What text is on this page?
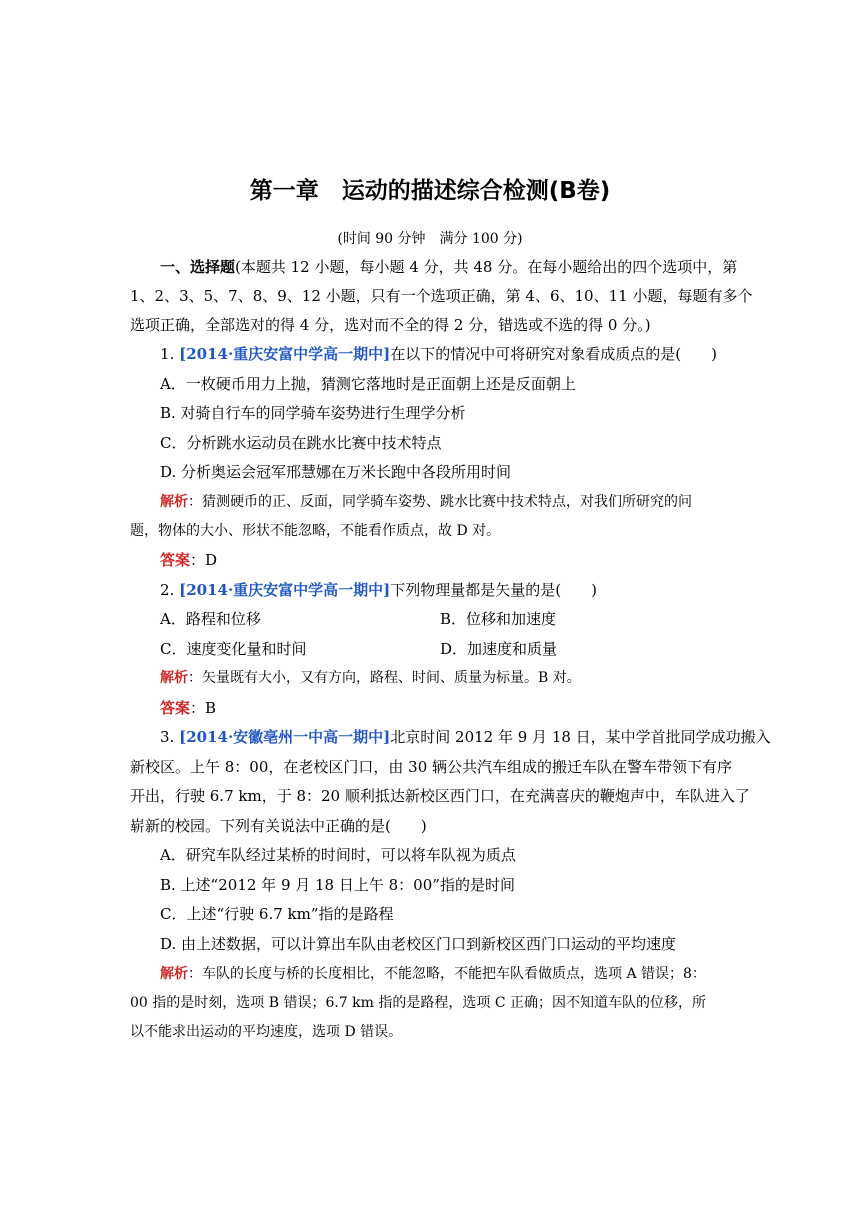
第一章　运动的描述综合检测(B卷)
(时间 90 分钟　满分 100 分)
一、选择题(本题共 12 小题，每小题 4 分，共 48 分。在每小题给出的四个选项中，第
1、2、3、5、7、8、9、12 小题，只有一个选项正确，第 4、6、10、11 小题，每题有多个
选项正确，全部选对的得 4 分，选对而不全的得 2 分，错选或不选的得 0 分。)
1. [2014·重庆安富中学高一期中]在以下的情况中可将研究对象看成质点的是(　　)
A．一枚硬币用力上抛，猜测它落地时是正面朝上还是反面朝上
B. 对骑自行车的同学骑车姿势进行生理学分析
C．分析跳水运动员在跳水比赛中技术特点
D. 分析奥运会冠军邢慧娜在万米长跑中各段所用时间
解析：猜测硬币的正、反面，同学骑车姿势、跳水比赛中技术特点，对我们所研究的问
题，物体的大小、形状不能忽略，不能看作质点，故 D 对。
答案：D
2. [2014·重庆安富中学高一期中]下列物理量都是矢量的是(　　)
A．路程和位移	B．位移和加速度
C．速度变化量和时间	D．加速度和质量
解析：矢量既有大小，又有方向，路程、时间、质量为标量。B 对。
答案：B
3. [2014·安徽亳州一中高一期中]北京时间 2012 年 9 月 18 日，某中学首批同学成功搬入
新校区。上午 8：00，在老校区门口，由 30 辆公共汽车组成的搬迁车队在警车带领下有序
开出，行驶 6.7 km，于 8：20 顺利抵达新校区西门口，在充满喜庆的鞭炮声中，车队进入了
崭新的校园。下列有关说法中正确的是(　　)
A．研究车队经过某桥的时间时，可以将车队视为质点
B. 上述“2012 年 9 月 18 日上午 8：00”指的是时间
C．上述“行驶 6.7 km”指的是路程
D. 由上述数据，可以计算出车队由老校区门口到新校区西门口运动的平均速度
解析：车队的长度与桥的长度相比，不能忽略，不能把车队看做质点，选项 A 错误；8：
00 指的是时刻，选项 B 错误；6.7 km 指的是路程，选项 C 正确；因不知道车队的位移，所
以不能求出运动的平均速度，选项 D 错误。
